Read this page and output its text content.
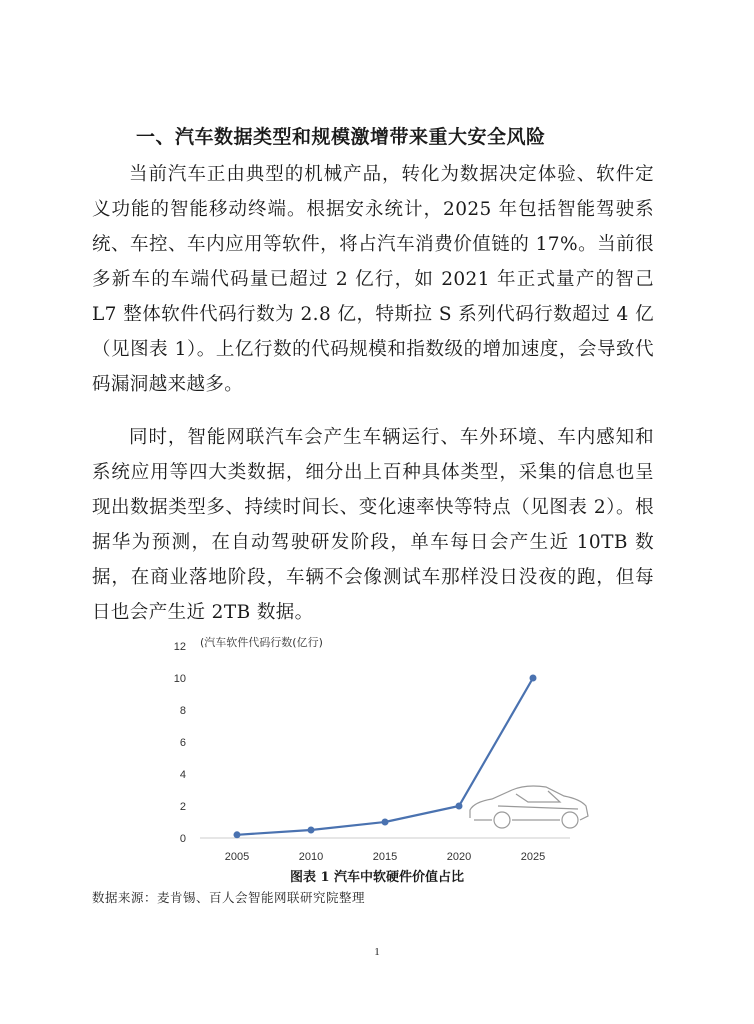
一、汽车数据类型和规模激增带来重大安全风险

当前汽车正由典型的机械产品，转化为数据决定体验、软件定义功能的智能移动终端。根据安永统计，2025 年包括智能驾驶系统、车控、车内应用等软件，将占汽车消费价值链的 17%。当前很多新车的车端代码量已超过 2 亿行，如 2021 年正式量产的智己 L7 整体软件代码行数为 2.8 亿，特斯拉 S 系列代码行数超过 4 亿（见图表 1）。上亿行数的代码规模和指数级的增加速度，会导致代码漏洞越来越多。

同时，智能网联汽车会产生车辆运行、车外环境、车内感知和系统应用等四大类数据，细分出上百种具体类型，采集的信息也呈现出数据类型多、持续时间长、变化速率快等特点（见图表 2）。根据华为预测，在自动驾驶研发阶段，单车每日会产生近 10TB 数据，在商业落地阶段，车辆不会像测试车那样没日没夜的跑，但每日也会产生近 2TB 数据。

0
2
4
6
8
10
12
2005	2010	2015	2020	2025
(汽车软件代码行数(亿行)

图表 1 汽车中软硬件价值占比

数据来源：麦肯锡、百人会智能网联研究院整理

1
